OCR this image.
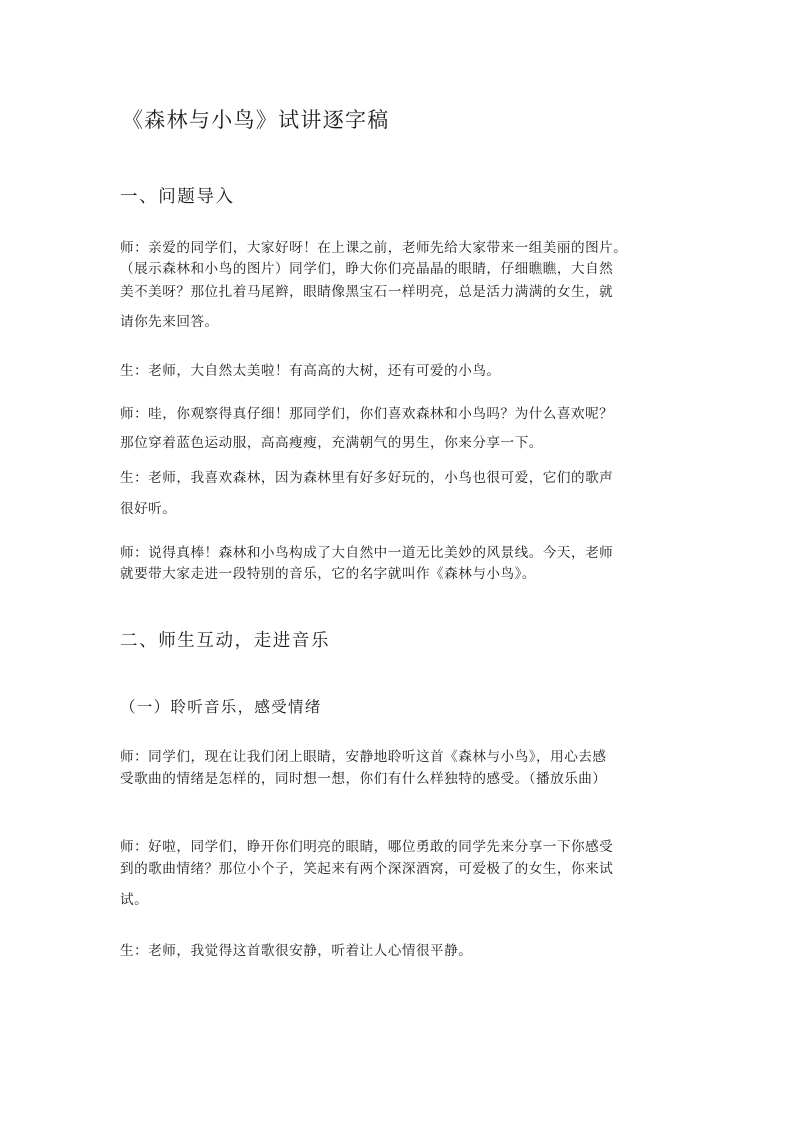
《森林与小鸟》试讲逐字稿
一、问题导入
师：亲爱的同学们，大家好呀！在上课之前，老师先给大家带来一组美丽的图片。
（展示森林和小鸟的图片）同学们，睁大你们亮晶晶的眼睛，仔细瞧瞧，大自然
美不美呀？那位扎着马尾辫，眼睛像黑宝石一样明亮，总是活力满满的女生，就
请你先来回答。
生：老师，大自然太美啦！有高高的大树，还有可爱的小鸟。
师：哇，你观察得真仔细！那同学们，你们喜欢森林和小鸟吗？为什么喜欢呢？
那位穿着蓝色运动服，高高瘦瘦，充满朝气的男生，你来分享一下。
生：老师，我喜欢森林，因为森林里有好多好玩的，小鸟也很可爱，它们的歌声
很好听。
师：说得真棒！森林和小鸟构成了大自然中一道无比美妙的风景线。今天，老师
就要带大家走进一段特别的音乐，它的名字就叫作《森林与小鸟》。
二、师生互动，走进音乐
（一）聆听音乐，感受情绪
师：同学们，现在让我们闭上眼睛，安静地聆听这首《森林与小鸟》，用心去感
受歌曲的情绪是怎样的，同时想一想，你们有什么样独特的感受。（播放乐曲）
师：好啦，同学们，睁开你们明亮的眼睛，哪位勇敢的同学先来分享一下你感受
到的歌曲情绪？那位小个子，笑起来有两个深深酒窝，可爱极了的女生，你来试
试。
生：老师，我觉得这首歌很安静，听着让人心情很平静。
